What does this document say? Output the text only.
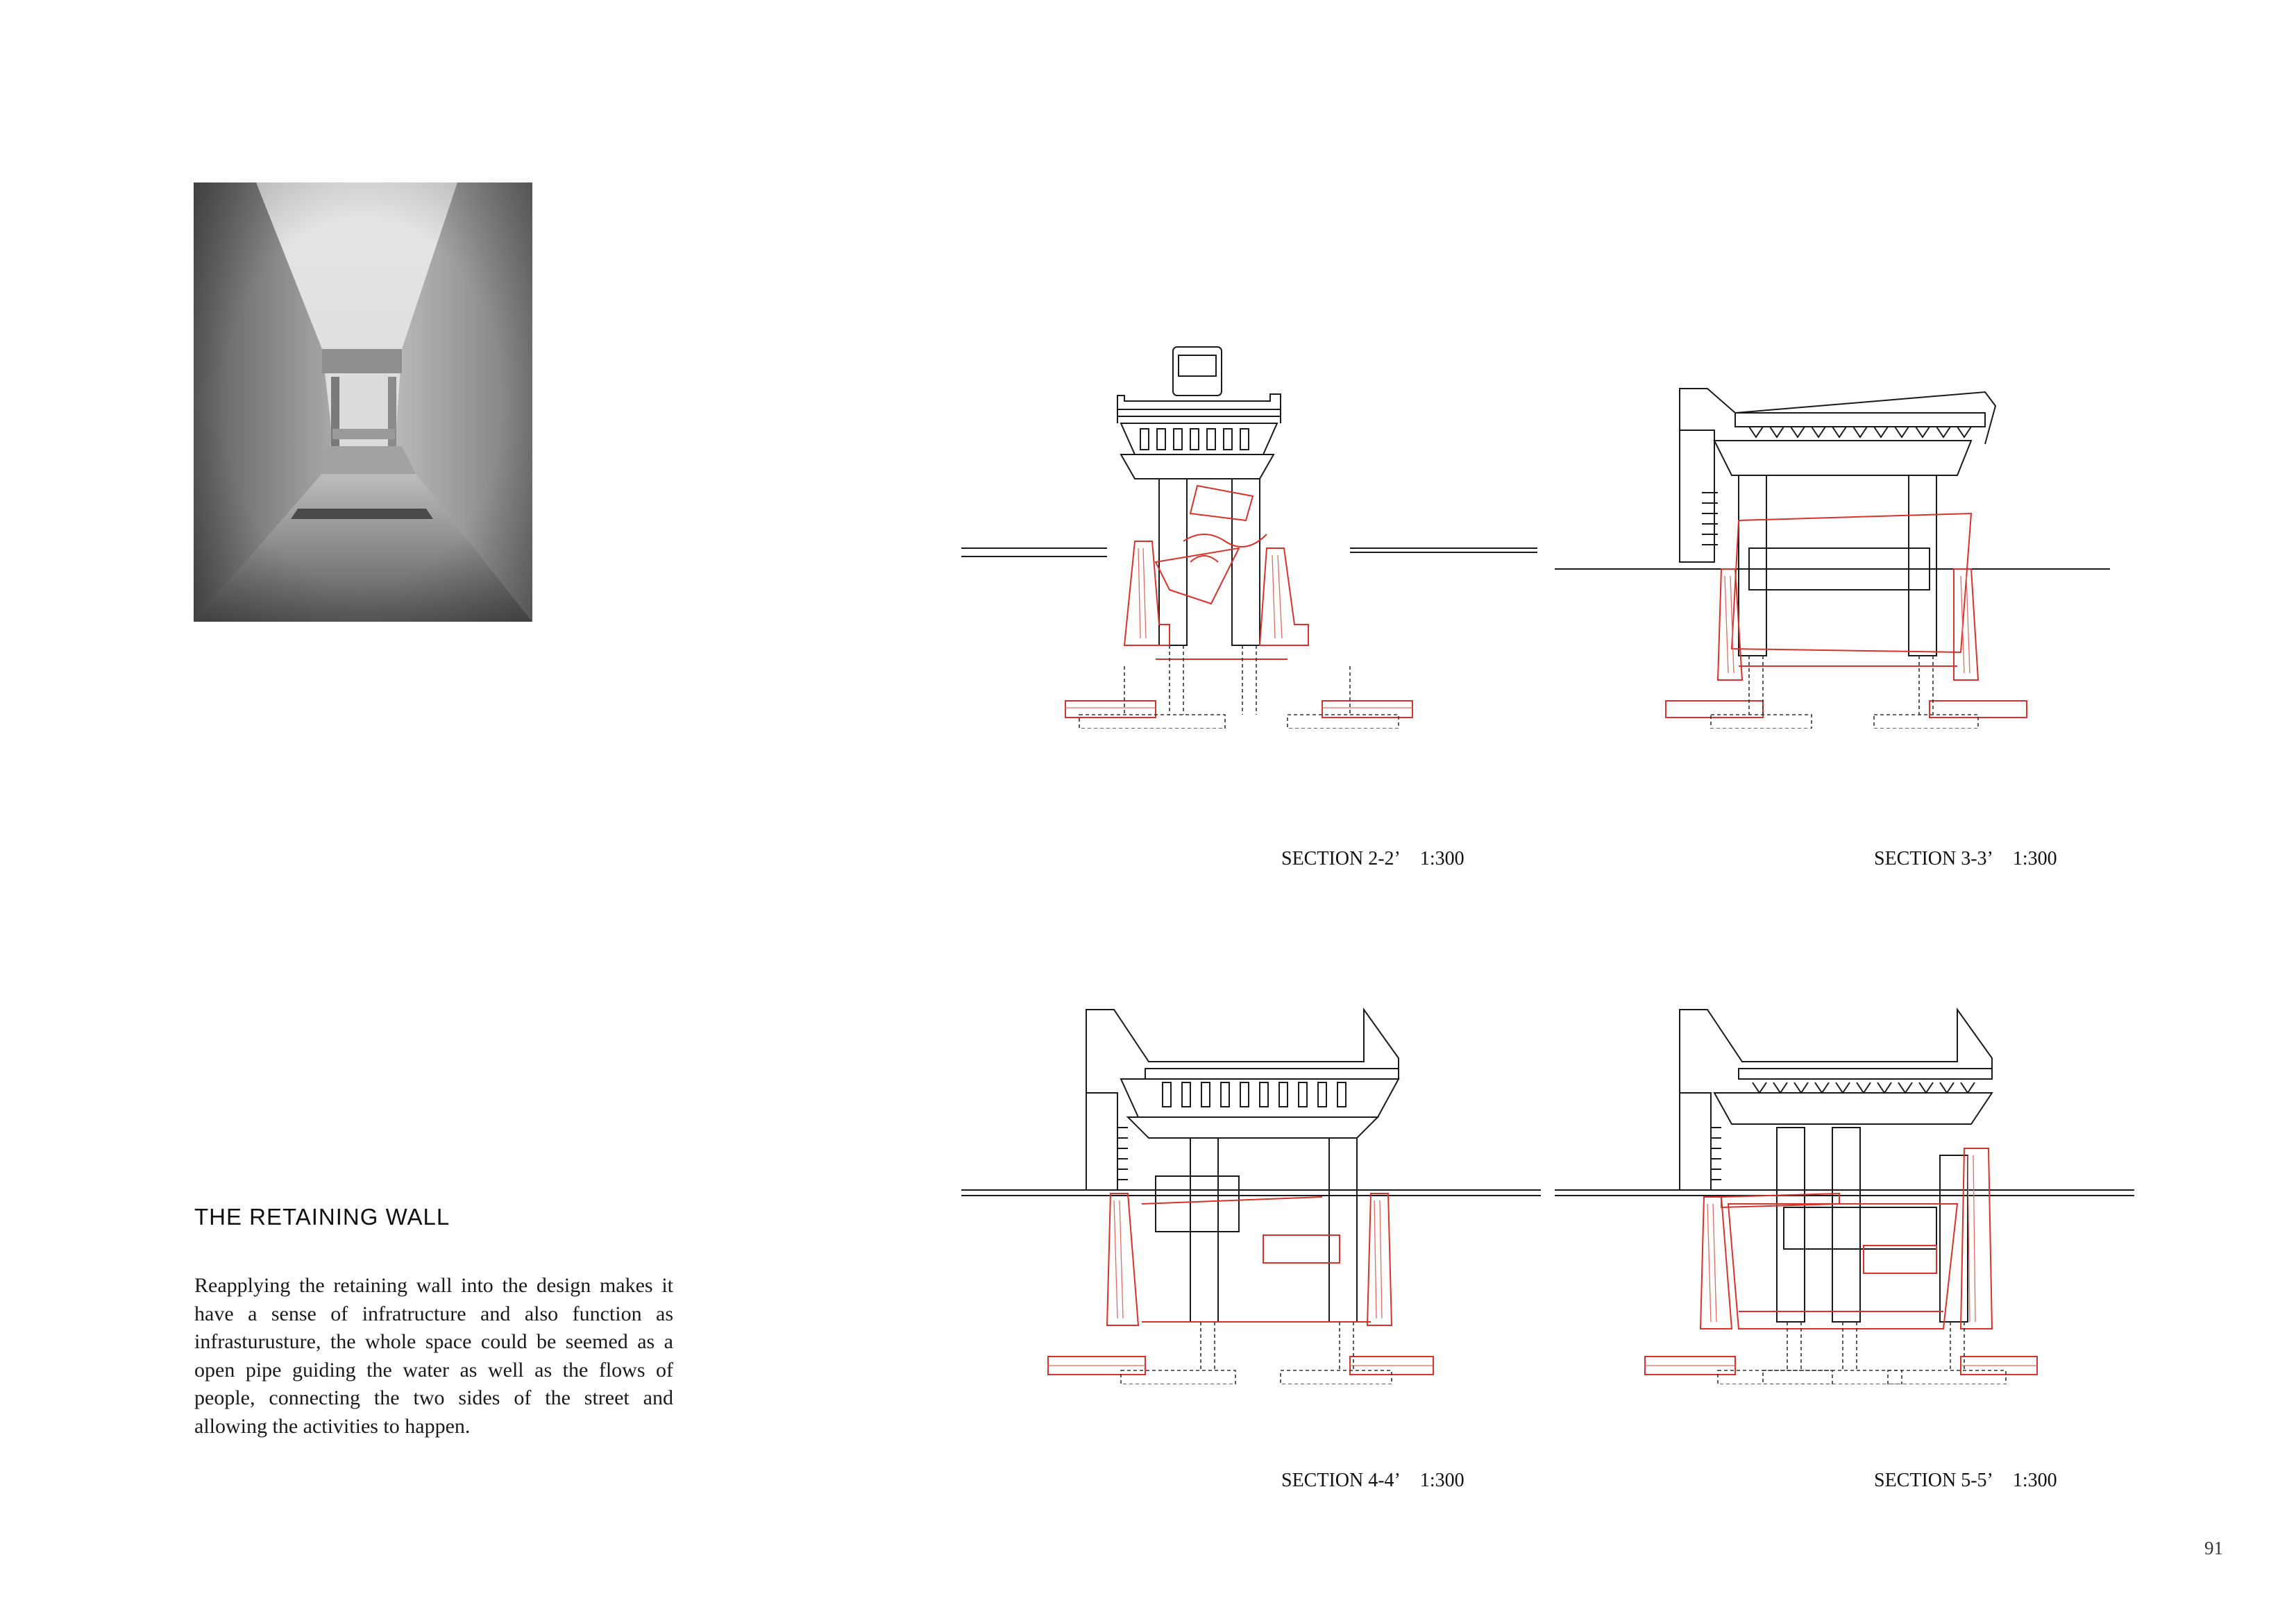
THE RETAINING WALL

Reapplying the retaining wall into the design makes it have a sense of infratructure and also function as infrasturusture, the whole space could be seemed as a open pipe guiding the water as well as the flows of people, connecting the two sides of the street and allowing the activities to happen.

SECTION 2-2’ 1:300	SECTION 3-3’ 1:300
SECTION 4-4’ 1:300	SECTION 5-5’ 1:300
91
